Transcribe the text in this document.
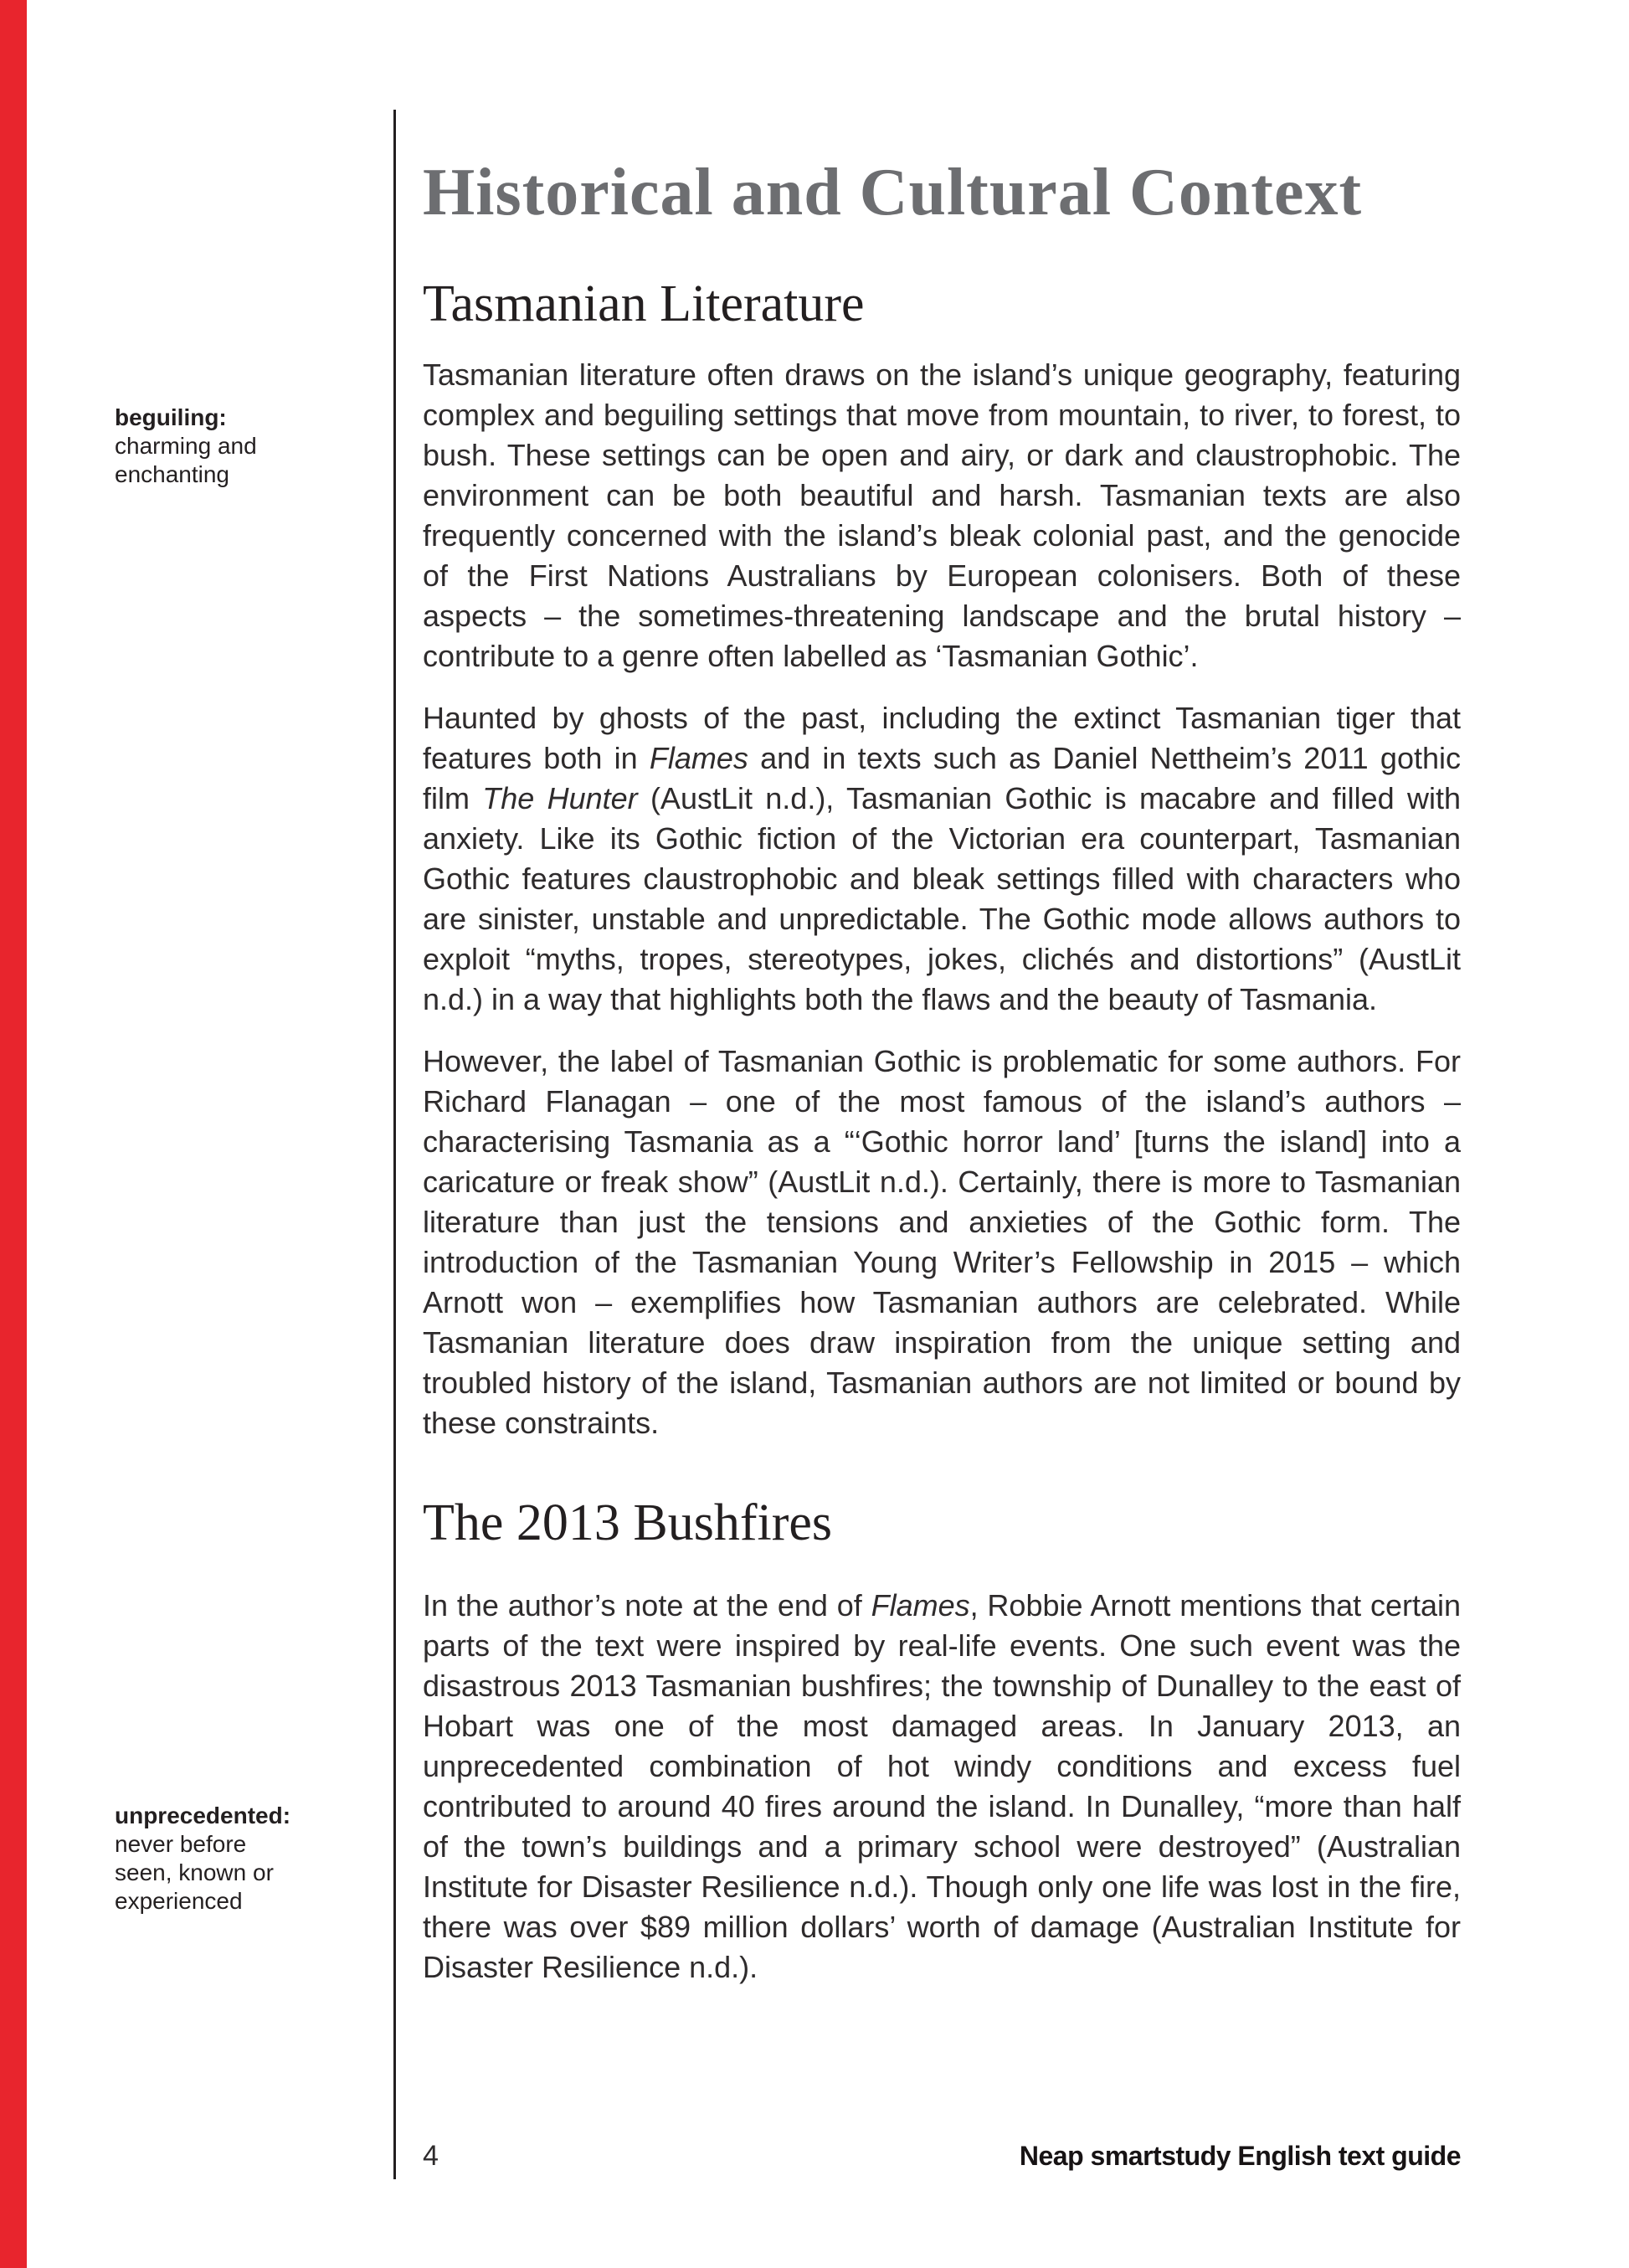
beguiling:
charming and
enchanting
unprecedented:
never before
seen, known or
experienced
Historical and Cultural Context
Tasmanian Literature

Tasmanian literature often draws on the island’s unique geography, featuring complex and beguiling settings that move from mountain, to river, to forest, to bush. These settings can be open and airy, or dark and claustrophobic. The environment can be both beautiful and harsh. Tasmanian texts are also frequently concerned with the island’s bleak colonial past, and the genocide of the First Nations Australians by European colonisers. Both of these aspects – the sometimes-threatening landscape and the brutal history – contribute to a genre often labelled as ‘Tasmanian Gothic’.

Haunted by ghosts of the past, including the extinct Tasmanian tiger that features both in Flames and in texts such as Daniel Nettheim’s 2011 gothic film The Hunter (AustLit n.d.), Tasmanian Gothic is macabre and filled with anxiety. Like its Gothic fiction of the Victorian era counterpart, Tasmanian Gothic features claustrophobic and bleak settings filled with characters who are sinister, unstable and unpredictable. The Gothic mode allows authors to exploit “myths, tropes, stereotypes, jokes, clichés and distortions” (AustLit n.d.) in a way that highlights both the flaws and the beauty of Tasmania.

However, the label of Tasmanian Gothic is problematic for some authors. For Richard Flanagan – one of the most famous of the island’s authors – characterising Tasmania as a “‘Gothic horror land’ [turns the island] into a caricature or freak show” (AustLit n.d.). Certainly, there is more to Tasmanian literature than just the tensions and anxieties of the Gothic form. The introduction of the Tasmanian Young Writer’s Fellowship in 2015 – which Arnott won – exemplifies how Tasmanian authors are celebrated. While Tasmanian literature does draw inspiration from the unique setting and troubled history of the island, Tasmanian authors are not limited or bound by these constraints.

The 2013 Bushfires

In the author’s note at the end of Flames, Robbie Arnott mentions that certain parts of the text were inspired by real-life events. One such event was the disastrous 2013 Tasmanian bushfires; the township of Dunalley to the east of Hobart was one of the most damaged areas. In January 2013, an unprecedented combination of hot windy conditions and excess fuel contributed to around 40 fires around the island. In Dunalley, “more than half of the town’s buildings and a primary school were destroyed” (Australian Institute for Disaster Resilience n.d.). Though only one life was lost in the fire, there was over $89 million dollars’ worth of damage (Australian Institute for Disaster Resilience n.d.).

4	Neap smartstudy English text guide
